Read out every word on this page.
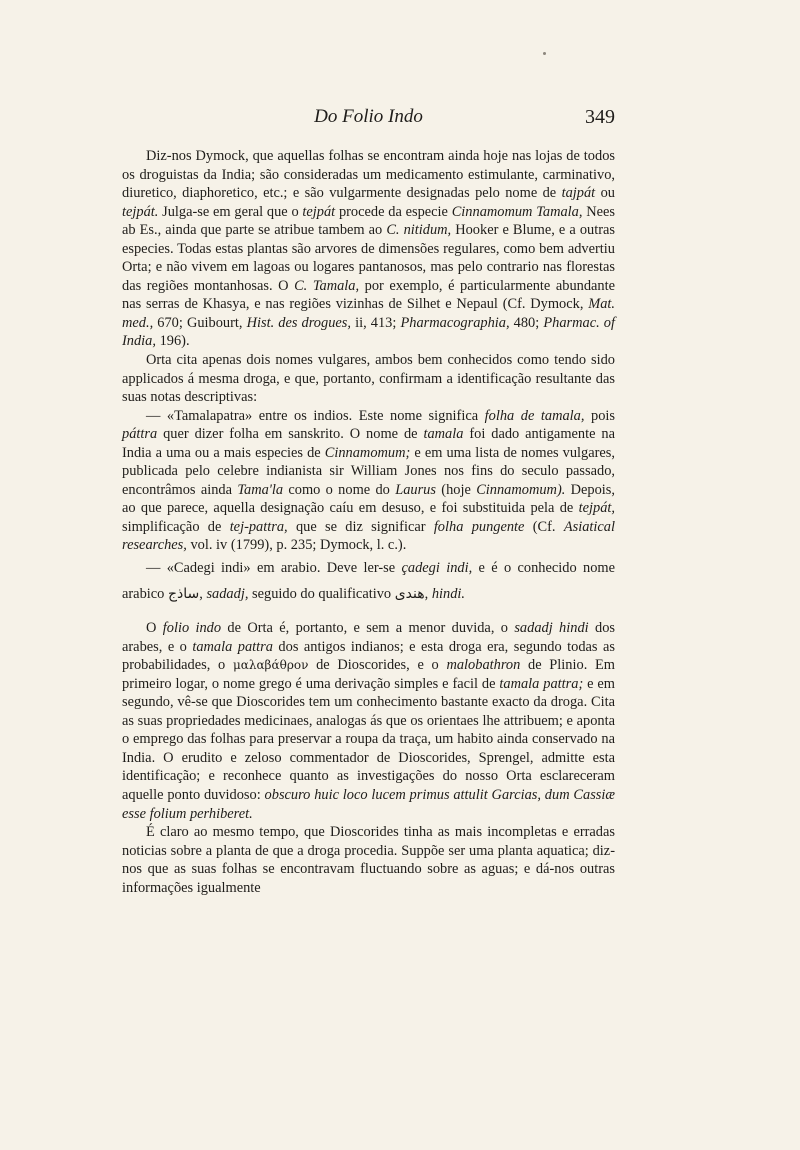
Do Folio Indo	349

Diz-nos Dymock, que aquellas folhas se encontram ainda hoje nas lojas de todos os droguistas da India; são consideradas um medicamento estimulante, carminativo, diuretico, diaphoretico, etc.; e são vulgarmente designadas pelo nome de tajpát ou tejpát. Julga-se em geral que o tejpát procede da especie Cinnamomum Tamala, Nees ab Es., ainda que parte se atribue tambem ao C. nitidum, Hooker e Blume, e a outras especies. Todas estas plantas são arvores de dimensões regulares, como bem advertiu Orta; e não vivem em lagoas ou logares pantanosos, mas pelo contrario nas florestas das regiões montanhosas. O C. Tamala, por exemplo, é particularmente abundante nas serras de Khasya, e nas regiões vizinhas de Silhet e Nepaul (Cf. Dymock, Mat. med., 670; Guibourt, Hist. des drogues, ii, 413; Pharmacographia, 480; Pharmac. of India, 196).

Orta cita apenas dois nomes vulgares, ambos bem conhecidos como tendo sido applicados á mesma droga, e que, portanto, confirmam a identificação resultante das suas notas descriptivas:

— «Tamalapatra» entre os indios. Este nome significa folha de tamala, pois páttra quer dizer folha em sanskrito. O nome de tamala foi dado antigamente na India a uma ou a mais especies de Cinnamomum; e em uma lista de nomes vulgares, publicada pelo celebre indianista sir William Jones nos fins do seculo passado, encontrâmos ainda Tama'la como o nome do Laurus (hoje Cinnamomum). Depois, ao que parece, aquella designação caíu em desuso, e foi substituida pela de tejpát, simplificação de tej-pattra, que se diz significar folha pungente (Cf. Asiatical researches, vol. iv (1799), p. 235; Dymock, l. c.).

— «Cadegi indi» em arabio. Deve ler-se çadegi indi, e é o conhecido nome arabico ساذج, sadadj, seguido do qualificativo هندى, hindi.

O folio indo de Orta é, portanto, e sem a menor duvida, o sadadj hindi dos arabes, e o tamala pattra dos antigos indianos; e esta droga era, segundo todas as probabilidades, o μαλαβάθρον de Dioscorides, e o malobathron de Plinio. Em primeiro logar, o nome grego é uma derivação simples e facil de tamala pattra; e em segundo, vê-se que Dioscorides tem um conhecimento bastante exacto da droga. Cita as suas propriedades medicinaes, analogas ás que os orientaes lhe attribuem; e aponta o emprego das folhas para preservar a roupa da traça, um habito ainda conservado na India. O erudito e zeloso commentador de Dioscorides, Sprengel, admitte esta identificação; e reconhece quanto as investigações do nosso Orta esclareceram aquelle ponto duvidoso: obscuro huic loco lucem primus attulit Garcias, dum Cassiæ esse folium perhiberet.

É claro ao mesmo tempo, que Dioscorides tinha as mais incompletas e erradas noticias sobre a planta de que a droga procedia. Suppõe ser uma planta aquatica; diz-nos que as suas folhas se encontravam fluctuando sobre as aguas; e dá-nos outras informações igualmente
